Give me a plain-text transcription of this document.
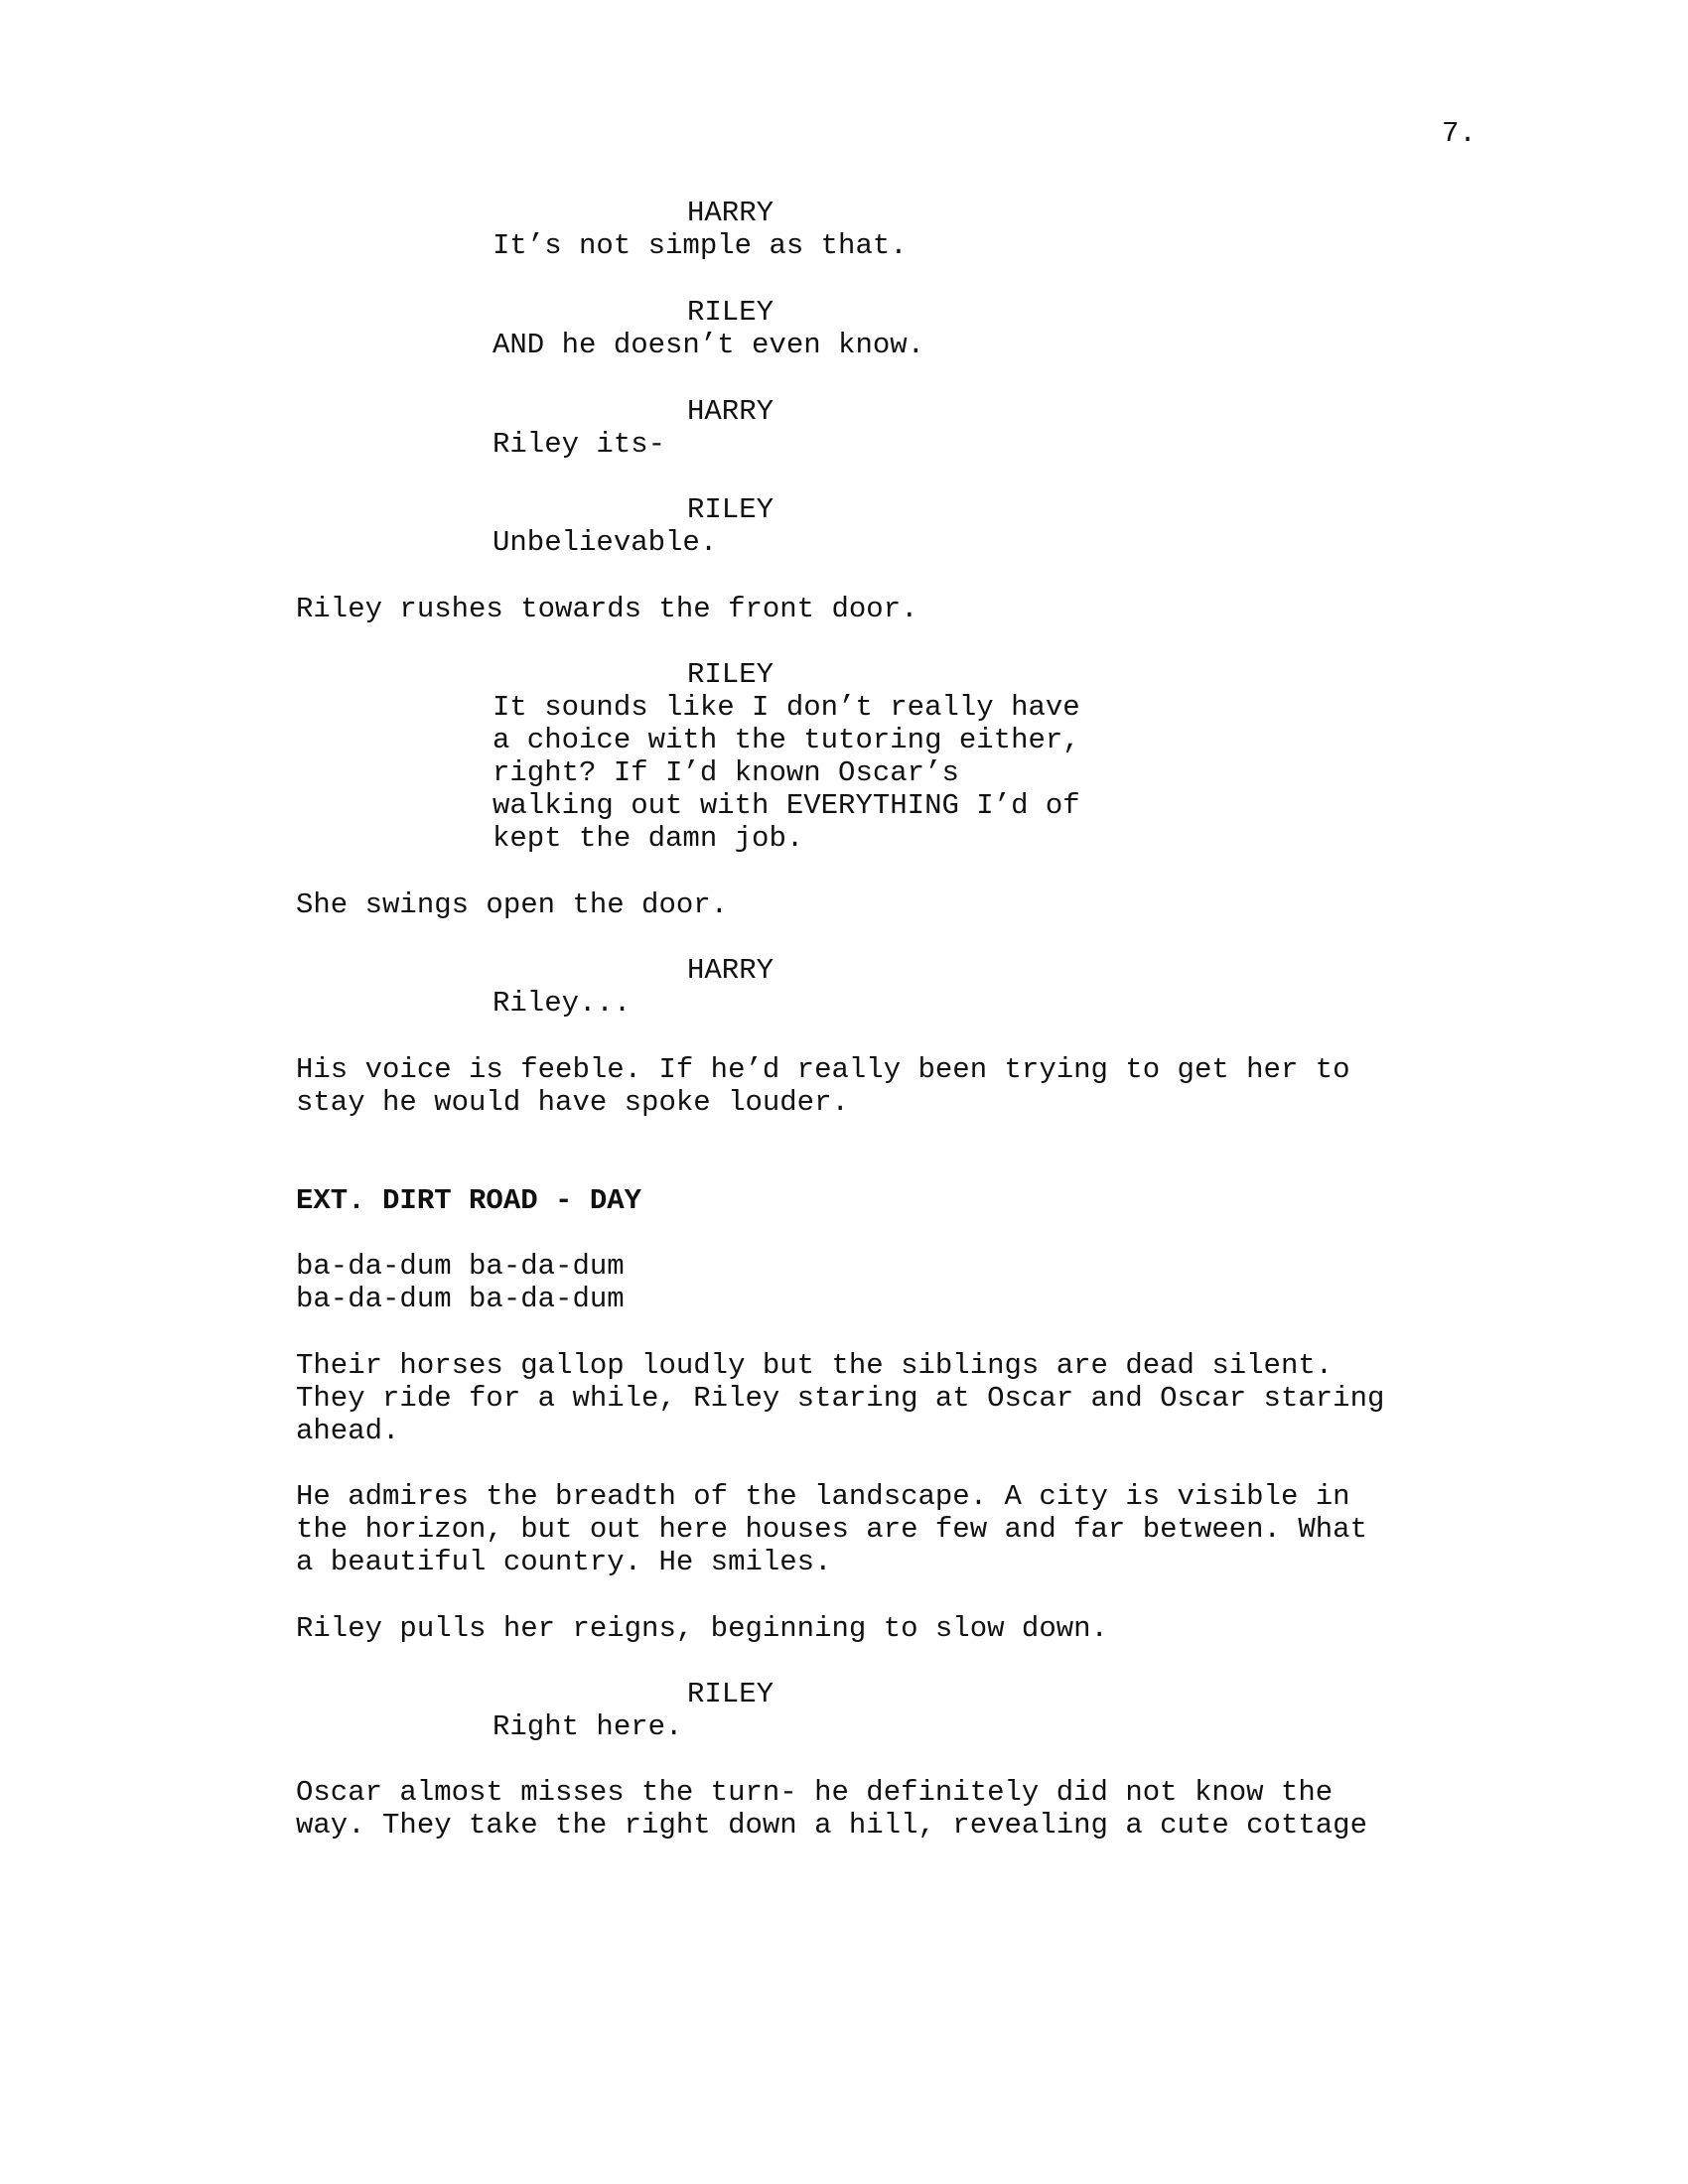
7.
HARRY
It’s not simple as that.
RILEY
AND he doesn’t even know.
HARRY
Riley its-
RILEY
Unbelievable.
Riley rushes towards the front door.
RILEY
It sounds like I don’t really have
a choice with the tutoring either,
right? If I’d known Oscar’s
walking out with EVERYTHING I’d of
kept the damn job.
She swings open the door.
HARRY
Riley...
His voice is feeble. If he’d really been trying to get her to
stay he would have spoke louder.
EXT. DIRT ROAD - DAY
ba-da-dum ba-da-dum
ba-da-dum ba-da-dum
Their horses gallop loudly but the siblings are dead silent.
They ride for a while, Riley staring at Oscar and Oscar staring
ahead.
He admires the breadth of the landscape. A city is visible in
the horizon, but out here houses are few and far between. What
a beautiful country. He smiles.
Riley pulls her reigns, beginning to slow down.
RILEY
Right here.
Oscar almost misses the turn- he definitely did not know the
way. They take the right down a hill, revealing a cute cottage
